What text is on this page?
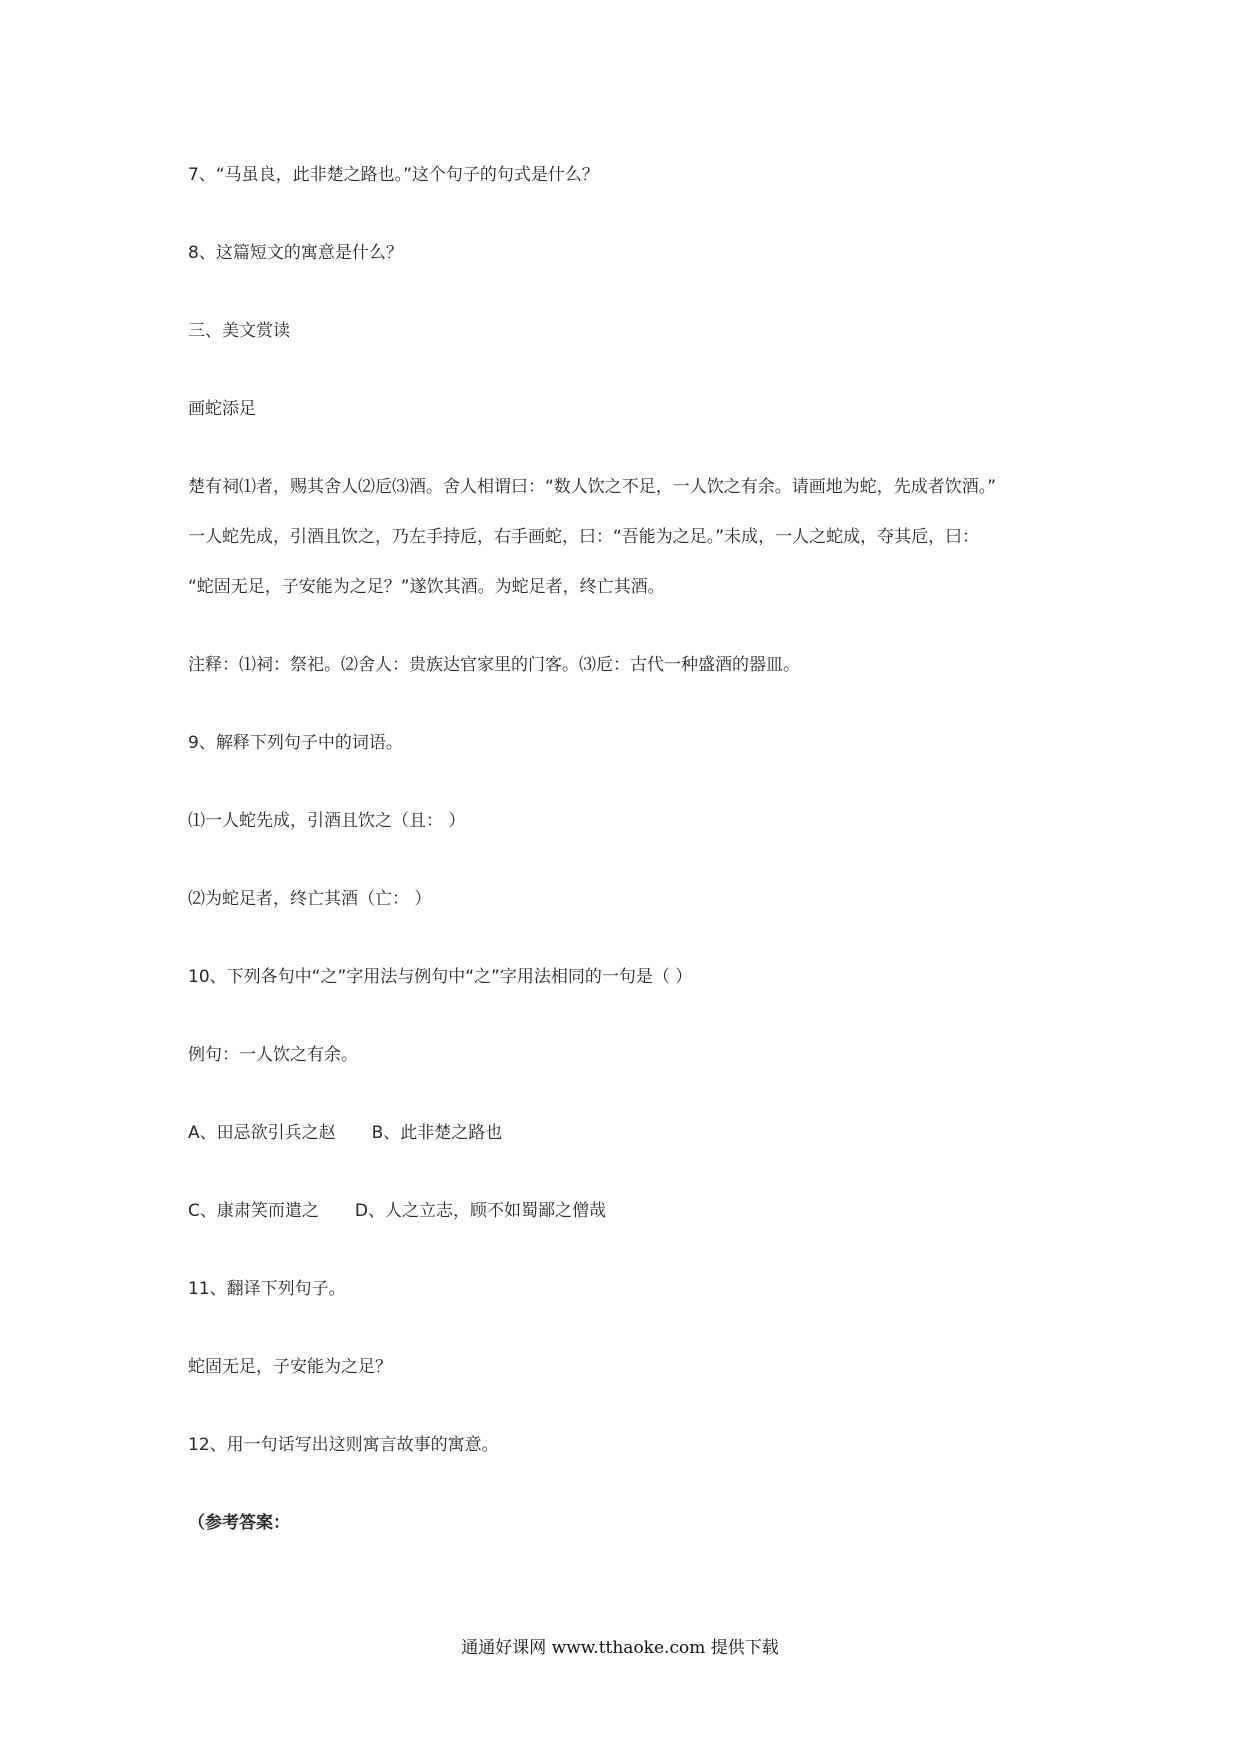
7、“马虽良，此非楚之路也。”这个句子的句式是什么？
8、这篇短文的寓意是什么？
三、美文赏读
画蛇添足
楚有祠⑴者，赐其舍人⑵卮⑶酒。舍人相谓曰：“数人饮之不足，一人饮之有余。请画地为蛇，先成者饮酒。”
一人蛇先成，引酒且饮之，乃左手持卮，右手画蛇，曰：“吾能为之足。”未成，一人之蛇成，夺其卮，曰：
“蛇固无足，子安能为之足？”遂饮其酒。为蛇足者，终亡其酒。
注释：⑴祠：祭祀。⑵舍人：贵族达官家里的门客。⑶卮：古代一种盛酒的器皿。
9、解释下列句子中的词语。
⑴一人蛇先成，引酒且饮之（且： ）
⑵为蛇足者，终亡其酒（亡： ）
10、下列各句中“之”字用法与例句中“之”字用法相同的一句是（ ）
例句：一人饮之有余。
A、田忌欲引兵之赵 B、此非楚之路也
C、康肃笑而遣之 D、人之立志，顾不如蜀鄙之僧哉
11、翻译下列句子。
蛇固无足，子安能为之足？
12、用一句话写出这则寓言故事的寓意。
（参考答案：
通通好课网 www.tthaoke.com 提供下载
